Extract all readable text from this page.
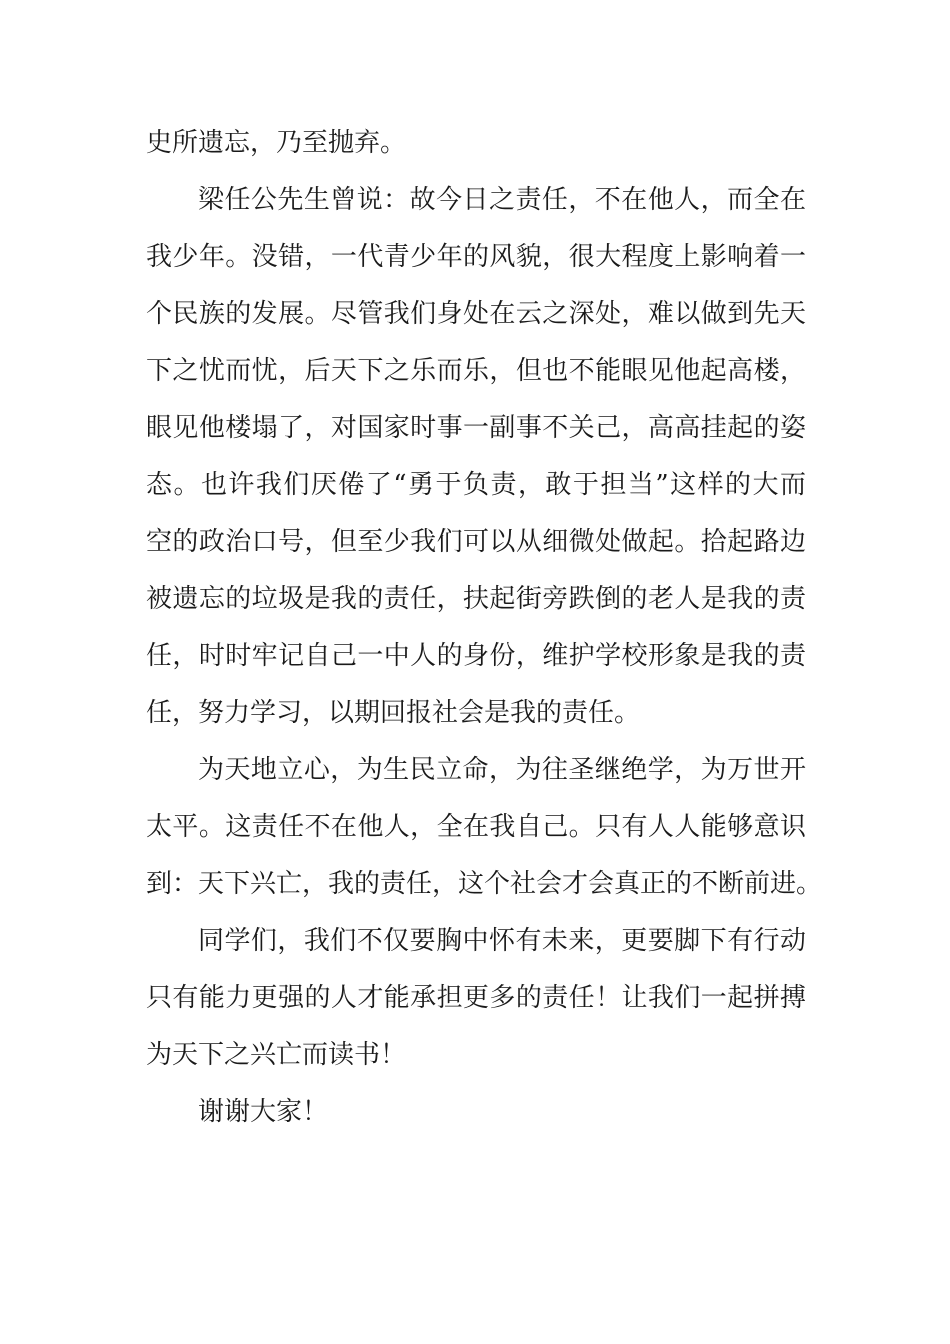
史所遗忘，乃至抛弃。
梁任公先生曾说：故今日之责任，不在他人，而全在
我少年。没错，一代青少年的风貌，很大程度上影响着一
个民族的发展。尽管我们身处在云之深处，难以做到先天
下之忧而忧，后天下之乐而乐，但也不能眼见他起高楼，
眼见他楼塌了，对国家时事一副事不关己，高高挂起的姿
态。也许我们厌倦了“勇于负责，敢于担当”这样的大而
空的政治口号，但至少我们可以从细微处做起。拾起路边
被遗忘的垃圾是我的责任，扶起街旁跌倒的老人是我的责
任，时时牢记自己一中人的身份，维护学校形象是我的责
任，努力学习，以期回报社会是我的责任。
为天地立心，为生民立命，为往圣继绝学，为万世开
太平。这责任不在他人，全在我自己。只有人人能够意识
到：天下兴亡，我的责任，这个社会才会真正的不断前进。
同学们，我们不仅要胸中怀有未来，更要脚下有行动
只有能力更强的人才能承担更多的责任！让我们一起拼搏
为天下之兴亡而读书！
谢谢大家！
